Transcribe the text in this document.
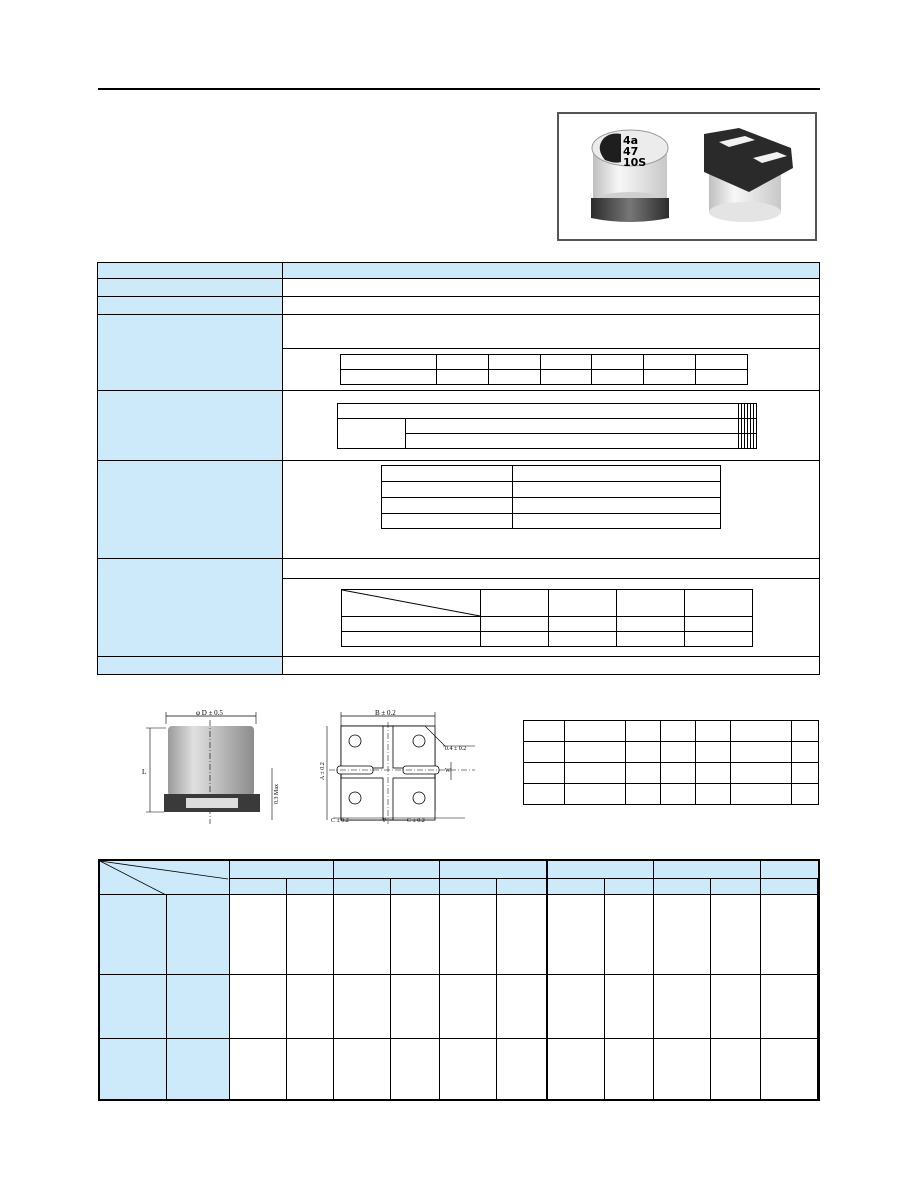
4a
47
10S

φ D ± 0.5
L
0.3 Max
B ± 0.2
0.4 ± 0.2
W
A ± 0.2
C ± 0.2	P	C ± 0.2
